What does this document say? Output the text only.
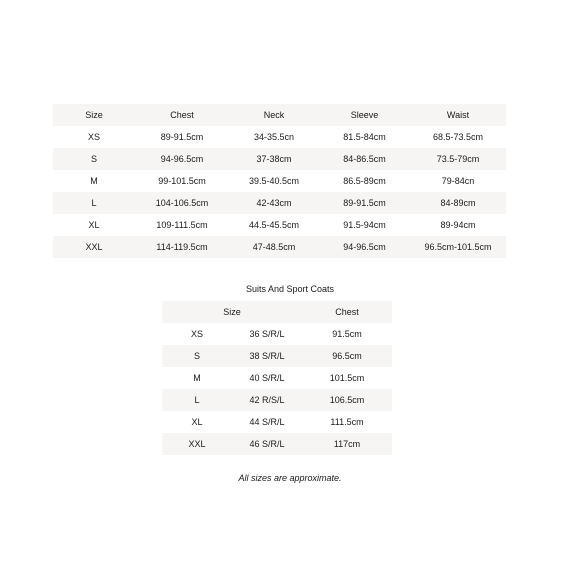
Size	Chest	Neck	Sleeve	Waist
XS	89-91.5cm	34-35.5cn	81.5-84cm	68.5-73.5cm
S	94-96.5cm	37-38cm	84-86.5cm	73.5-79cm
M	99-101.5cm	39.5-40.5cm	86.5-89cm	79-84cn
L	104-106.5cm	42-43cm	89-91.5cm	84-89cm
XL	109-111.5cm	44.5-45.5cm	91.5-94cm	89-94cm
XXL	114-119.5cm	47-48.5cm	94-96.5cm	96.5cm-101.5cm
Suits And Sport Coats
Size		Chest
XS	36 S/R/L	91.5cm
S	38 S/R/L	96.5cm
M	40 S/R/L	101.5cm
L	42 R/S/L	106.5cm
XL	44 S/R/L	111.5cm
XXL	46 S/R/L	117cm
All sizes are approximate.
